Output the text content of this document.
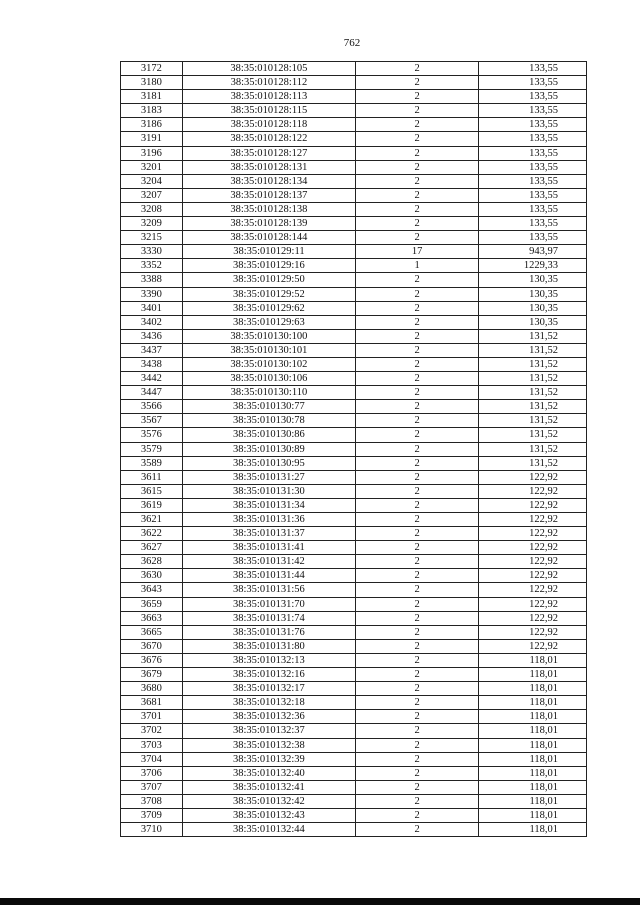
762
3172	38:35:010128:105	2	133,55
3180	38:35:010128:112	2	133,55
3181	38:35:010128:113	2	133,55
3183	38:35:010128:115	2	133,55
3186	38:35:010128:118	2	133,55
3191	38:35:010128:122	2	133,55
3196	38:35:010128:127	2	133,55
3201	38:35:010128:131	2	133,55
3204	38:35:010128:134	2	133,55
3207	38:35:010128:137	2	133,55
3208	38:35:010128:138	2	133,55
3209	38:35:010128:139	2	133,55
3215	38:35:010128:144	2	133,55
3330	38:35:010129:11	17	943,97
3352	38:35:010129:16	1	1229,33
3388	38:35:010129:50	2	130,35
3390	38:35:010129:52	2	130,35
3401	38:35:010129:62	2	130,35
3402	38:35:010129:63	2	130,35
3436	38:35:010130:100	2	131,52
3437	38:35:010130:101	2	131,52
3438	38:35:010130:102	2	131,52
3442	38:35:010130:106	2	131,52
3447	38:35:010130:110	2	131,52
3566	38:35:010130:77	2	131,52
3567	38:35:010130:78	2	131,52
3576	38:35:010130:86	2	131,52
3579	38:35:010130:89	2	131,52
3589	38:35:010130:95	2	131,52
3611	38:35:010131:27	2	122,92
3615	38:35:010131:30	2	122,92
3619	38:35:010131:34	2	122,92
3621	38:35:010131:36	2	122,92
3622	38:35:010131:37	2	122,92
3627	38:35:010131:41	2	122,92
3628	38:35:010131:42	2	122,92
3630	38:35:010131:44	2	122,92
3643	38:35:010131:56	2	122,92
3659	38:35:010131:70	2	122,92
3663	38:35:010131:74	2	122,92
3665	38:35:010131:76	2	122,92
3670	38:35:010131:80	2	122,92
3676	38:35:010132:13	2	118,01
3679	38:35:010132:16	2	118,01
3680	38:35:010132:17	2	118,01
3681	38:35:010132:18	2	118,01
3701	38:35:010132:36	2	118,01
3702	38:35:010132:37	2	118,01
3703	38:35:010132:38	2	118,01
3704	38:35:010132:39	2	118,01
3706	38:35:010132:40	2	118,01
3707	38:35:010132:41	2	118,01
3708	38:35:010132:42	2	118,01
3709	38:35:010132:43	2	118,01
3710	38:35:010132:44	2	118,01
